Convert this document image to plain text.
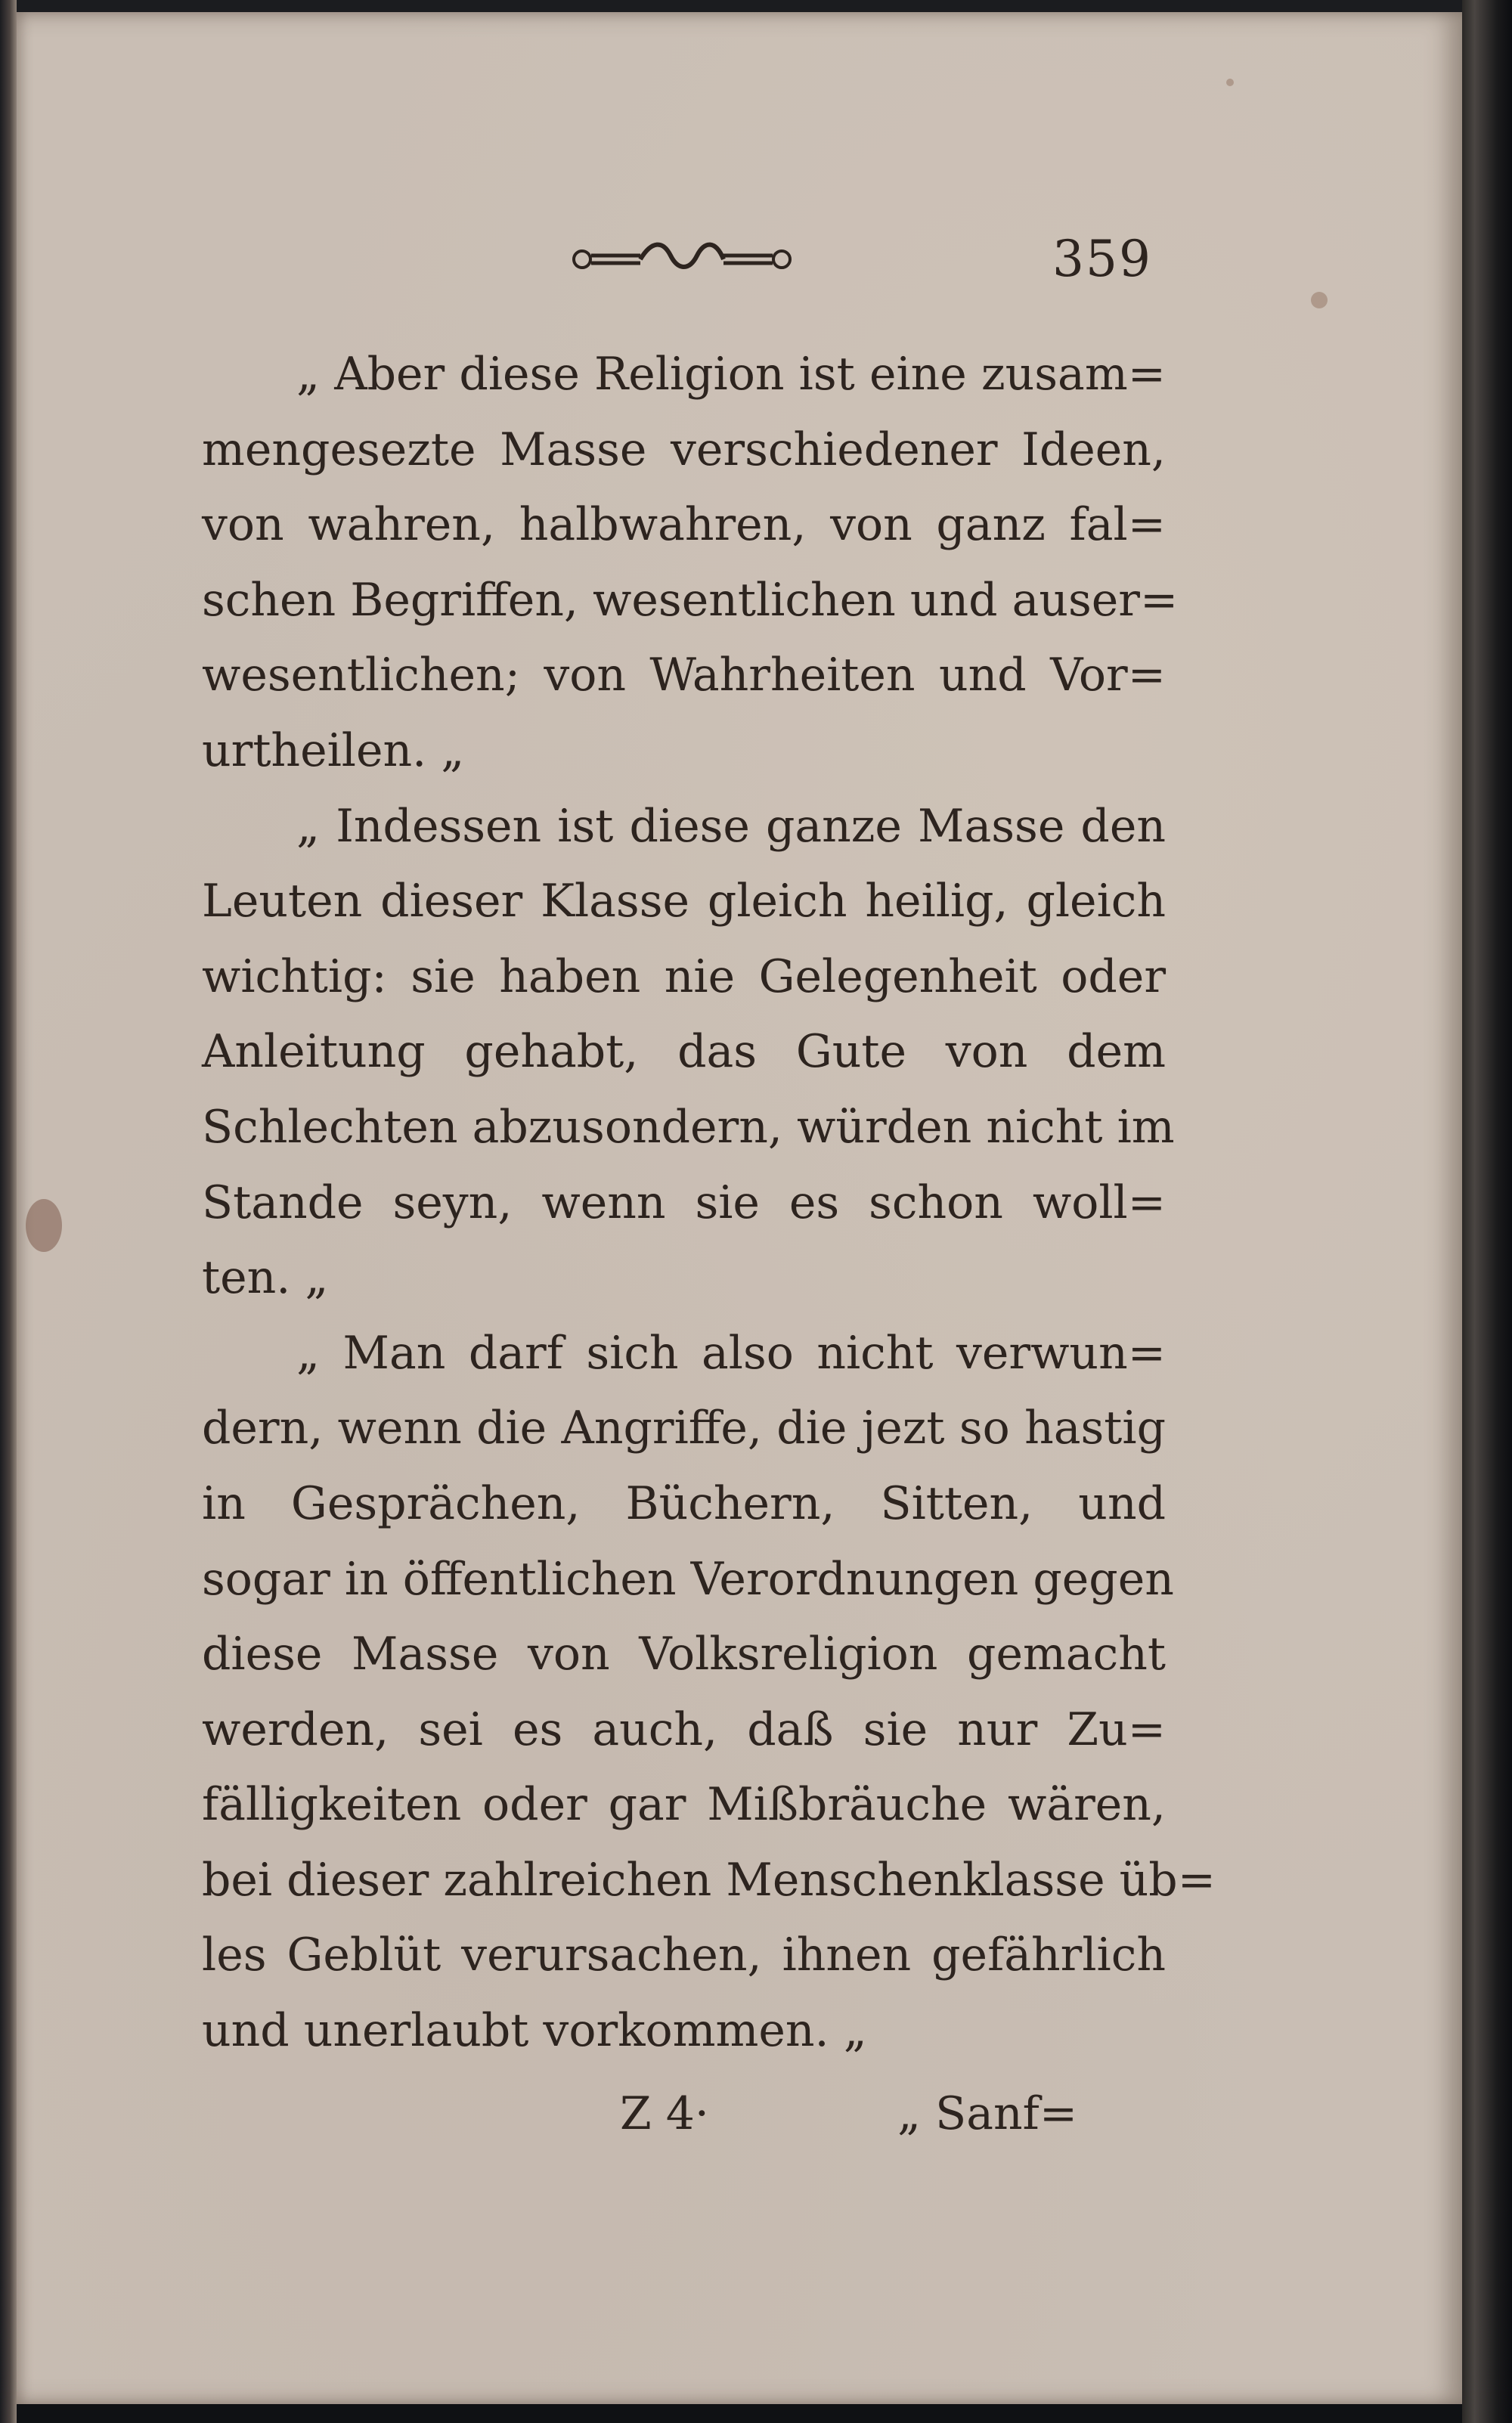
359
„ Aber diese Religion ist eine zusam=
mengesezte Masse verschiedener Ideen,
von wahren, halbwahren, von ganz fal=
schen Begriffen, wesentlichen und auser=
wesentlichen; von Wahrheiten und Vor=
urtheilen. „
„ Indessen ist diese ganze Masse den
Leuten dieser Klasse gleich heilig, gleich
wichtig: sie haben nie Gelegenheit oder
Anleitung gehabt, das Gute von dem
Schlechten abzusondern, würden nicht im
Stande seyn, wenn sie es schon woll=
ten. „
„ Man darf sich also nicht verwun=
dern, wenn die Angriffe, die jezt so hastig
in Gesprächen, Büchern, Sitten, und
sogar in öffentlichen Verordnungen gegen
diese Masse von Volksreligion gemacht
werden, sei es auch, daß sie nur Zu=
fälligkeiten oder gar Mißbräuche wären,
bei dieser zahlreichen Menschenklasse üb=
les Geblüt verursachen, ihnen gefährlich
und unerlaubt vorkommen. „
Z 4·	„ Sanf=
